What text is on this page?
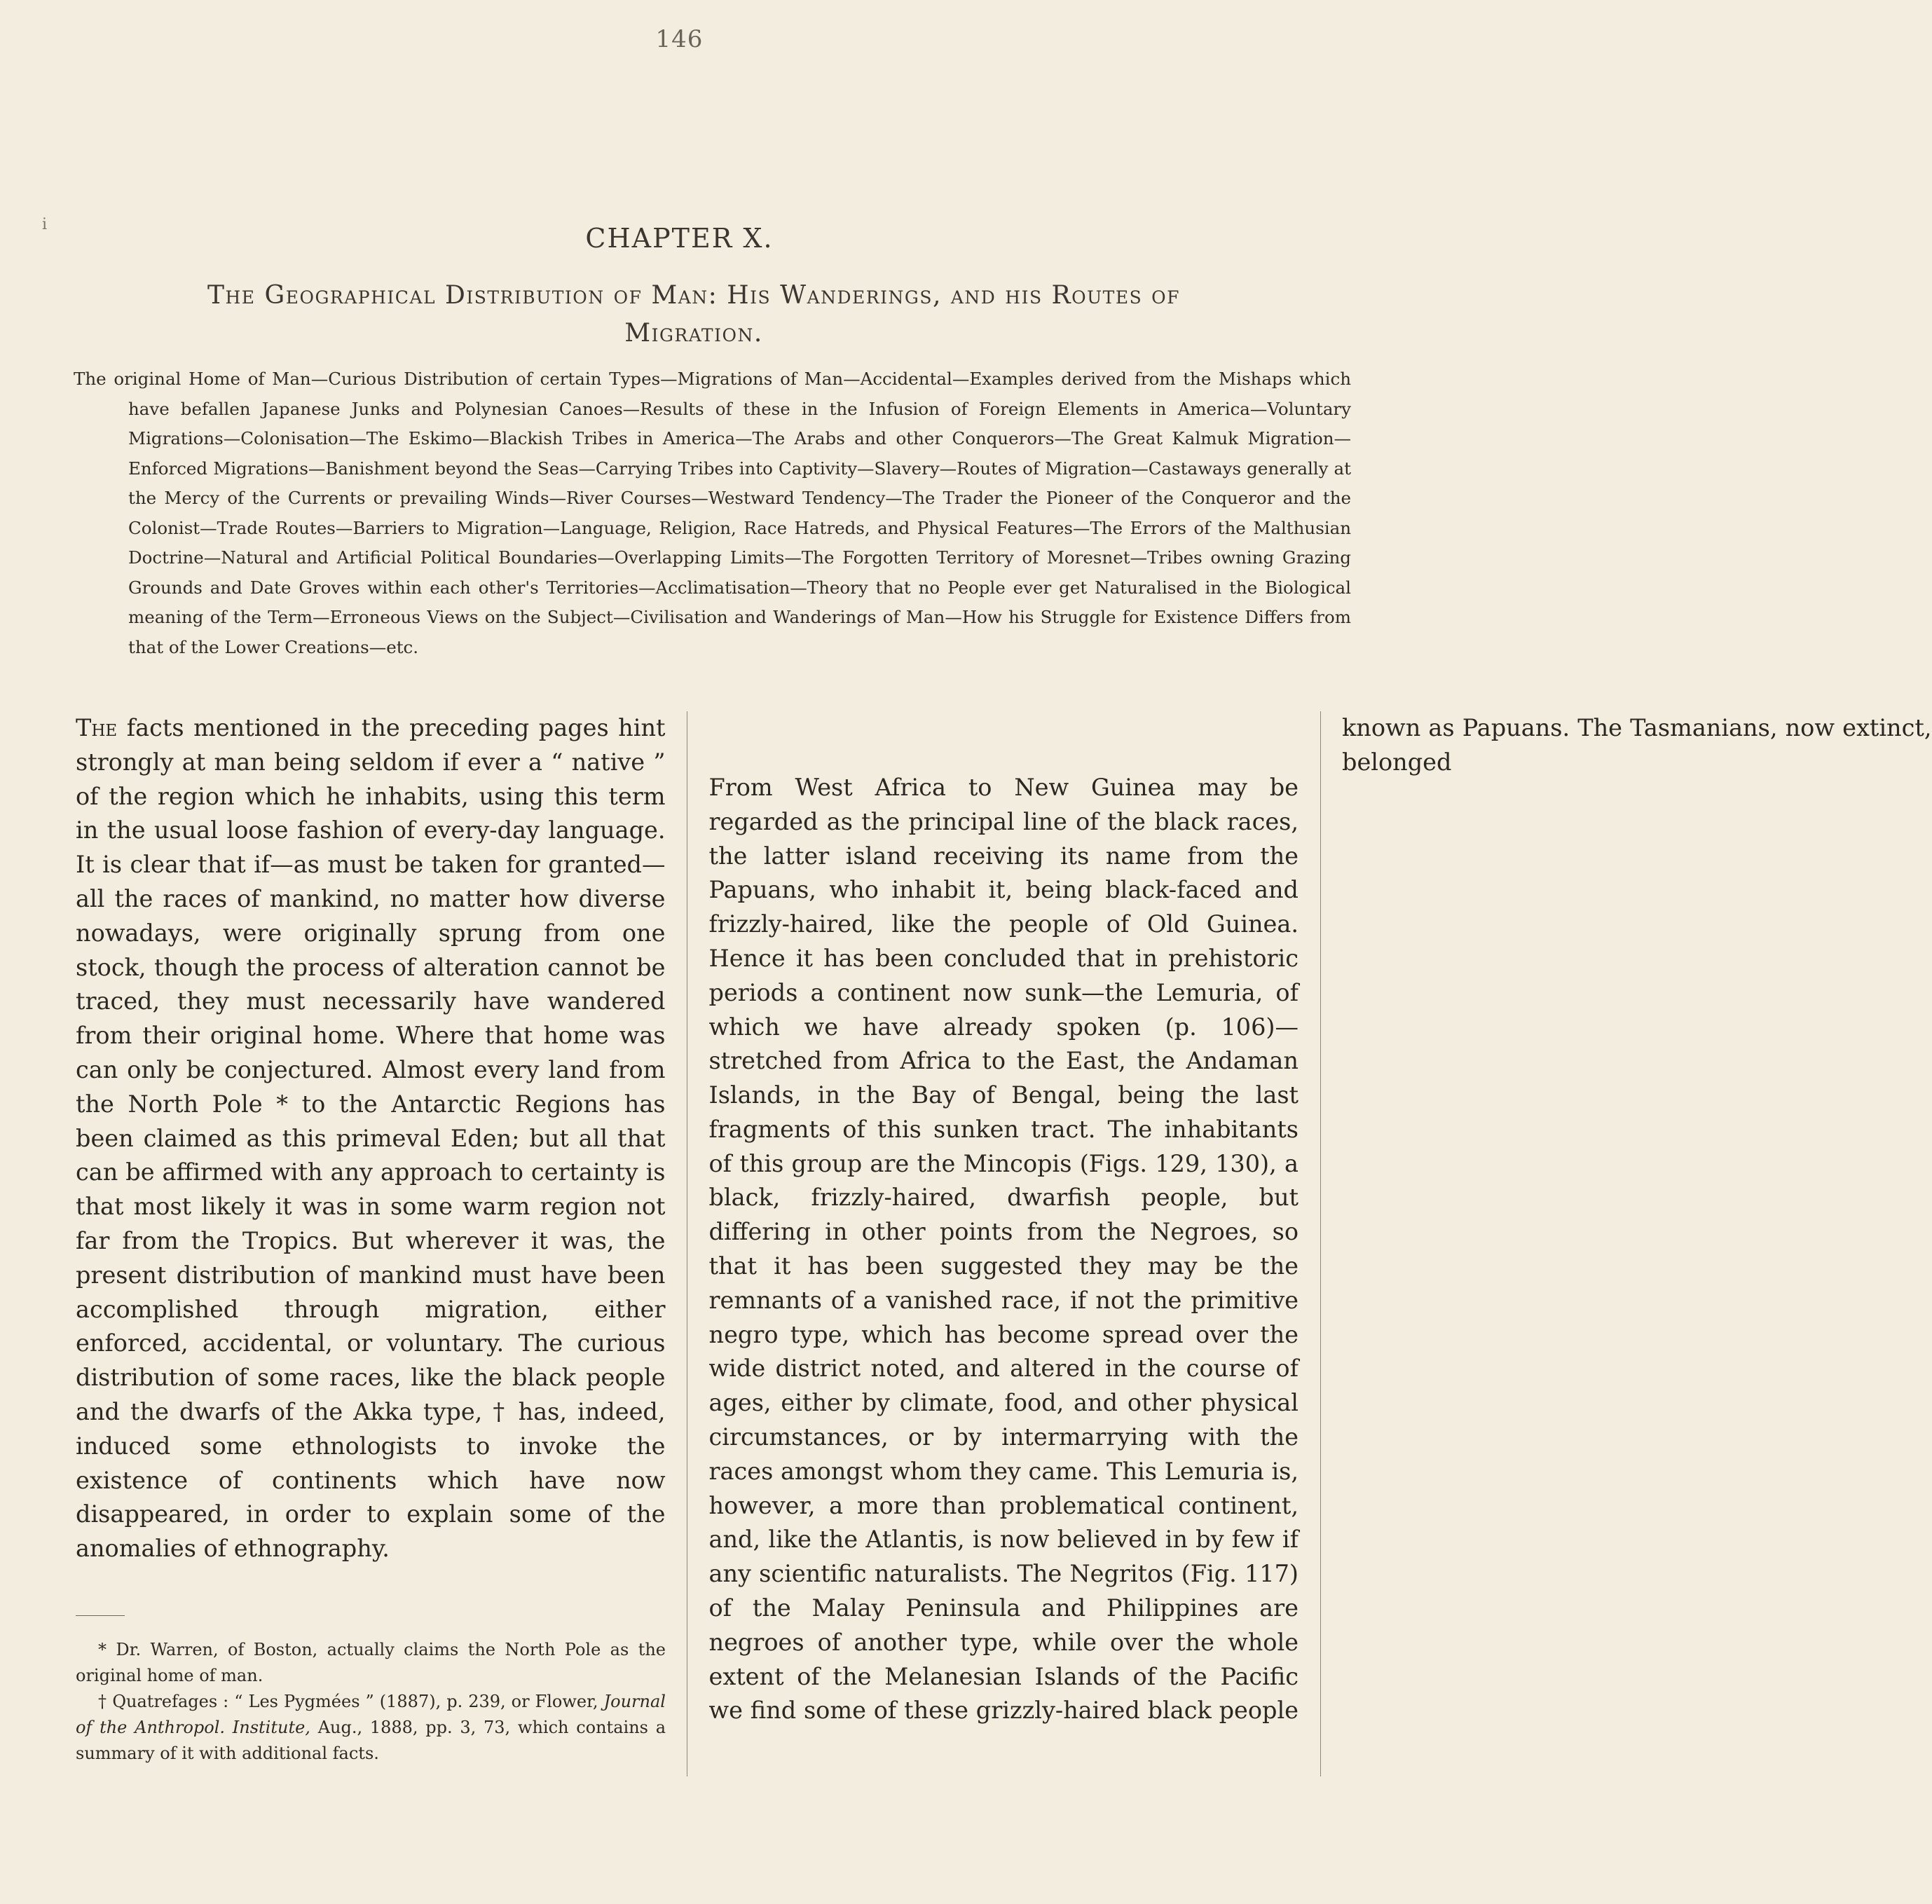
146
i	CHAPTER X.
The Geographical Distribution of Man: His Wanderings, and his Routes of Migration.
The original Home of Man—Curious Distribution of certain Types—Migrations of Man—Accidental—Examples derived from the Mishaps which have befallen Japanese Junks and Polynesian Canoes—Results of these in the Infusion of Foreign Elements in America—Voluntary Migrations—Colonisation—The Eskimo—Blackish Tribes in America—The Arabs and other Conquerors—The Great Kalmuk Migration—Enforced Migrations—Banishment beyond the Seas—Carrying Tribes into Captivity—Slavery—Routes of Migration—Castaways generally at the Mercy of the Currents or prevailing Winds—River Courses—Westward Tendency—The Trader the Pioneer of the Conqueror and the Colonist—Trade Routes—Barriers to Migration—Language, Religion, Race Hatreds, and Physical Features—The Errors of the Malthusian Doctrine—Natural and Artificial Political Boundaries—Overlapping Limits—The Forgotten Territory of Moresnet—Tribes owning Grazing Grounds and Date Groves within each other's Territories—Acclimatisation—Theory that no People ever get Naturalised in the Biological meaning of the Term—Erroneous Views on the Subject—Civilisation and Wanderings of Man—How his Struggle for Existence Differs from that of the Lower Creations—etc.

The facts mentioned in the preceding pages hint strongly at man being seldom if ever a “ native ” of the region which he inhabits, using this term in the usual loose fashion of every-day language. It is clear that if—as must be taken for granted—all the races of mankind, no matter how diverse nowadays, were originally sprung from one stock, though the process of alteration cannot be traced, they must necessarily have wandered from their original home. Where that home was can only be conjectured. Almost every land from the North Pole * to the Antarctic Regions has been claimed as this primeval Eden; but all that can be affirmed with any approach to certainty is that most likely it was in some warm region not far from the Tropics. But wherever it was, the present distribution of mankind must have been accomplished through migration, either enforced, accidental, or voluntary. The curious distribution of some races, like the black people and the dwarfs of the Akka type, † has, indeed, induced some ethnologists to invoke the existence of continents which have now disappeared, in order to explain some of the anomalies of ethnography.

From West Africa to New Guinea may be regarded as the principal line of the black races, the latter island receiving its name from the Papuans, who inhabit it, being black-faced and frizzly-haired, like the people of Old Guinea. Hence it has been concluded that in prehistoric periods a continent now sunk—the Lemuria, of which we have already spoken (p. 106)—stretched from Africa to the East, the Andaman Islands, in the Bay of Bengal, being the last fragments of this sunken tract. The inhabitants of this group are the Mincopis (Figs. 129, 130), a black, frizzly-haired, dwarfish people, but differing in other points from the Negroes, so that it has been suggested they may be the remnants of a vanished race, if not the primitive negro type, which has become spread over the wide district noted, and altered in the course of ages, either by climate, food, and other physical circumstances, or by intermarrying with the races amongst whom they came. This Lemuria is, however, a more than problematical continent, and, like the Atlantis, is now believed in by few if any scientific naturalists. The Negritos (Fig. 117) of the Malay Peninsula and Philippines are negroes of another type, while over the whole extent of the Melanesian Islands of the Pacific we find some of these grizzly-haired black people known as Papuans. The Tasmanians, now extinct, belonged

* Dr. Warren, of Boston, actually claims the North Pole as the original home of man.

† Quatrefages : “ Les Pygmées ” (1887), p. 239, or Flower, Journal of the Anthropol. Institute, Aug., 1888, pp. 3, 73, which contains a summary of it with additional facts.
